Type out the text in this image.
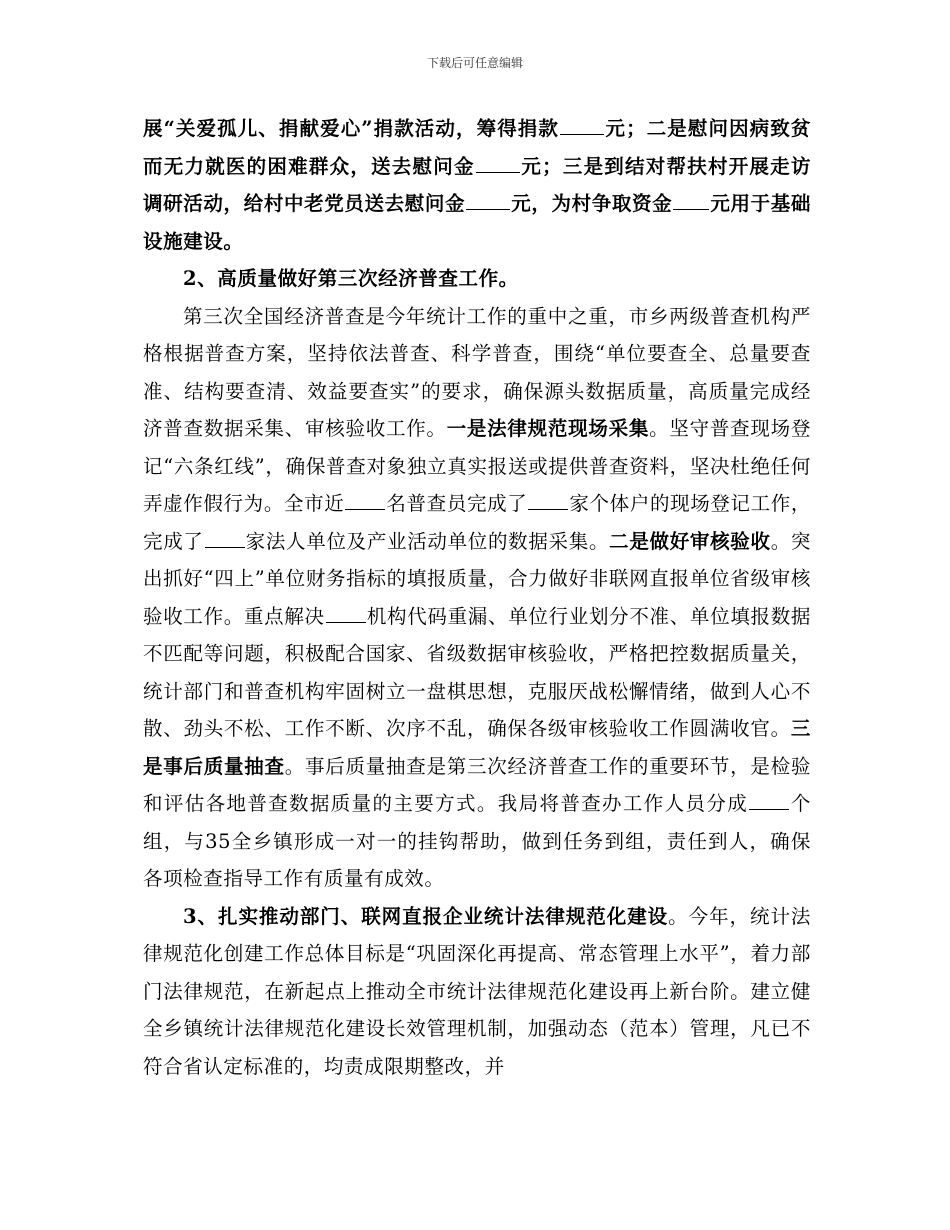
下载后可任意编辑

展“关爱孤儿、捐献爱心”捐款活动，筹得捐款 元；二是慰问因病致贫而无力就医的困难群众，送去慰问金 元；三是到结对帮扶村开展走访调研活动，给村中老党员送去慰问金 元，为村争取资金 元用于基础设施建设。

2、高质量做好第三次经济普查工作。

第三次全国经济普查是今年统计工作的重中之重，市乡两级普查机构严格根据普查方案，坚持依法普查、科学普查，围绕“单位要查全、总量要查准、结构要查清、效益要查实”的要求，确保源头数据质量，高质量完成经济普查数据采集、审核验收工作。一是法律规范现场采集。坚守普查现场登记“六条红线”，确保普查对象独立真实报送或提供普查资料，坚决杜绝任何弄虚作假行为。全市近 名普查员完成了 家个体户的现场登记工作，完成了 家法人单位及产业活动单位的数据采集。二是做好审核验收。突出抓好“四上”单位财务指标的填报质量，合力做好非联网直报单位省级审核验收工作。重点解决 机构代码重漏、单位行业划分不准、单位填报数据不匹配等问题，积极配合国家、省级数据审核验收，严格把控数据质量关，统计部门和普查机构牢固树立一盘棋思想，克服厌战松懈情绪，做到人心不散、劲头不松、工作不断、次序不乱，确保各级审核验收工作圆满收官。三是事后质量抽查。事后质量抽查是第三次经济普查工作的重要环节，是检验和评估各地普查数据质量的主要方式。我局将普查办工作人员分成 个组，与35全乡镇形成一对一的挂钩帮助，做到任务到组，责任到人，确保各项检查指导工作有质量有成效。

3、扎实推动部门、联网直报企业统计法律规范化建设。今年，统计法律规范化创建工作总体目标是“巩固深化再提高、常态管理上水平”，着力部门法律规范，在新起点上推动全市统计法律规范化建设再上新台阶。建立健全乡镇统计法律规范化建设长效管理机制，加强动态（范本）管理，凡已不符合省认定标准的，均责成限期整改，并
